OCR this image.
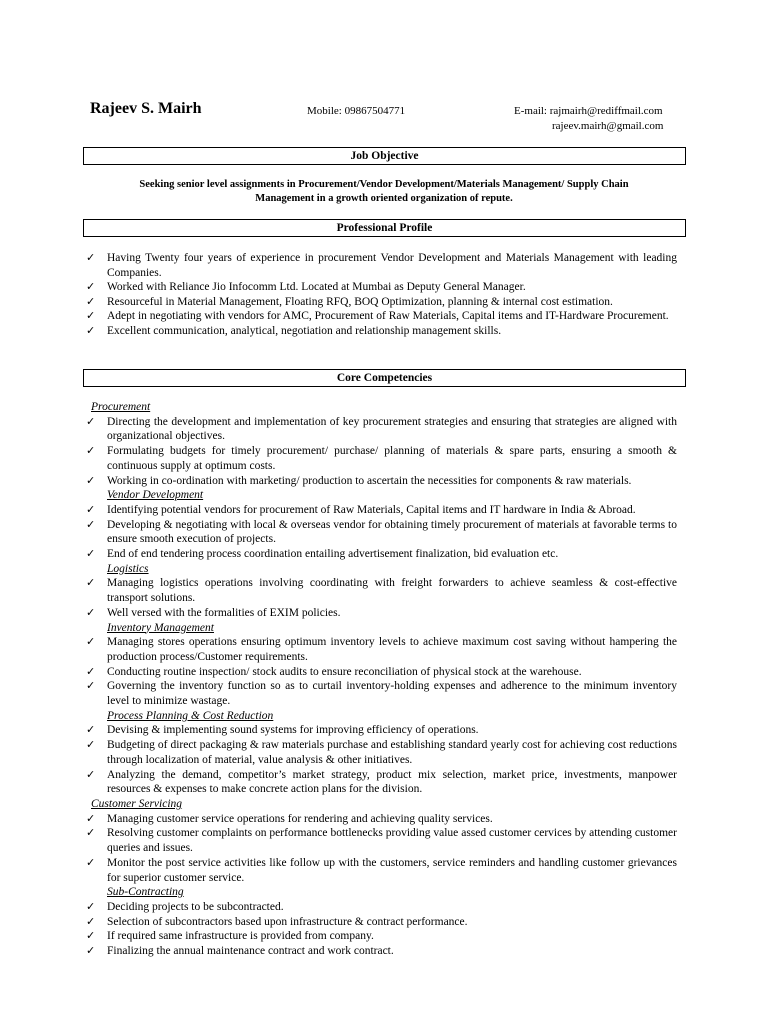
Rajeev S. Mairh	Mobile: 09867504771	E-mail: rajmairh@rediffmail.com
rajeev.mairh@gmail.com
Job Objective
Seeking senior level assignments in Procurement/Vendor Development/Materials Management/ Supply Chain Management in a growth oriented organization of repute.
Professional Profile
✓ Having Twenty four years of experience in procurement Vendor Development and Materials Management with leading Companies.
✓ Worked with Reliance Jio Infocomm Ltd. Located at Mumbai as Deputy General Manager.
✓ Resourceful in Material Management, Floating RFQ, BOQ Optimization, planning & internal cost estimation.
✓ Adept in negotiating with vendors for AMC, Procurement of Raw Materials, Capital items and IT-Hardware Procurement.
✓ Excellent communication, analytical, negotiation and relationship management skills.
Core Competencies
Procurement
✓ Directing the development and implementation of key procurement strategies and ensuring that strategies are aligned with organizational objectives.
✓ Formulating budgets for timely procurement/ purchase/ planning of materials & spare parts, ensuring a smooth & continuous supply at optimum costs.
✓ Working in co-ordination with marketing/ production to ascertain the necessities for components & raw materials.
Vendor Development
✓ Identifying potential vendors for procurement of Raw Materials, Capital items and IT hardware in India & Abroad.
✓ Developing & negotiating with local & overseas vendor for obtaining timely procurement of materials at favorable terms to ensure smooth execution of projects.
✓ End of end tendering process coordination entailing advertisement finalization, bid evaluation etc.
Logistics
✓ Managing logistics operations involving coordinating with freight forwarders to achieve seamless & cost-effective transport solutions.
✓ Well versed with the formalities of EXIM policies.
Inventory Management
✓ Managing stores operations ensuring optimum inventory levels to achieve maximum cost saving without hampering the production process/Customer requirements.
✓ Conducting routine inspection/ stock audits to ensure reconciliation of physical stock at the warehouse.
✓ Governing the inventory function so as to curtail inventory-holding expenses and adherence to the minimum inventory level to minimize wastage.
Process Planning & Cost Reduction
✓ Devising & implementing sound systems for improving efficiency of operations.
✓ Budgeting of direct packaging & raw materials purchase and establishing standard yearly cost for achieving cost reductions through localization of material, value analysis & other initiatives.
✓ Analyzing the demand, competitor’s market strategy, product mix selection, market price, investments, manpower resources & expenses to make concrete action plans for the division.
Customer Servicing
✓ Managing customer service operations for rendering and achieving quality services.
✓ Resolving customer complaints on performance bottlenecks providing value assed customer cervices by attending customer queries and issues.
✓ Monitor the post service activities like follow up with the customers, service reminders and handling customer grievances for superior customer service.
Sub-Contracting
✓ Deciding projects to be subcontracted.
✓ Selection of subcontractors based upon infrastructure & contract performance.
✓ If required same infrastructure is provided from company.
✓ Finalizing the annual maintenance contract and work contract.
